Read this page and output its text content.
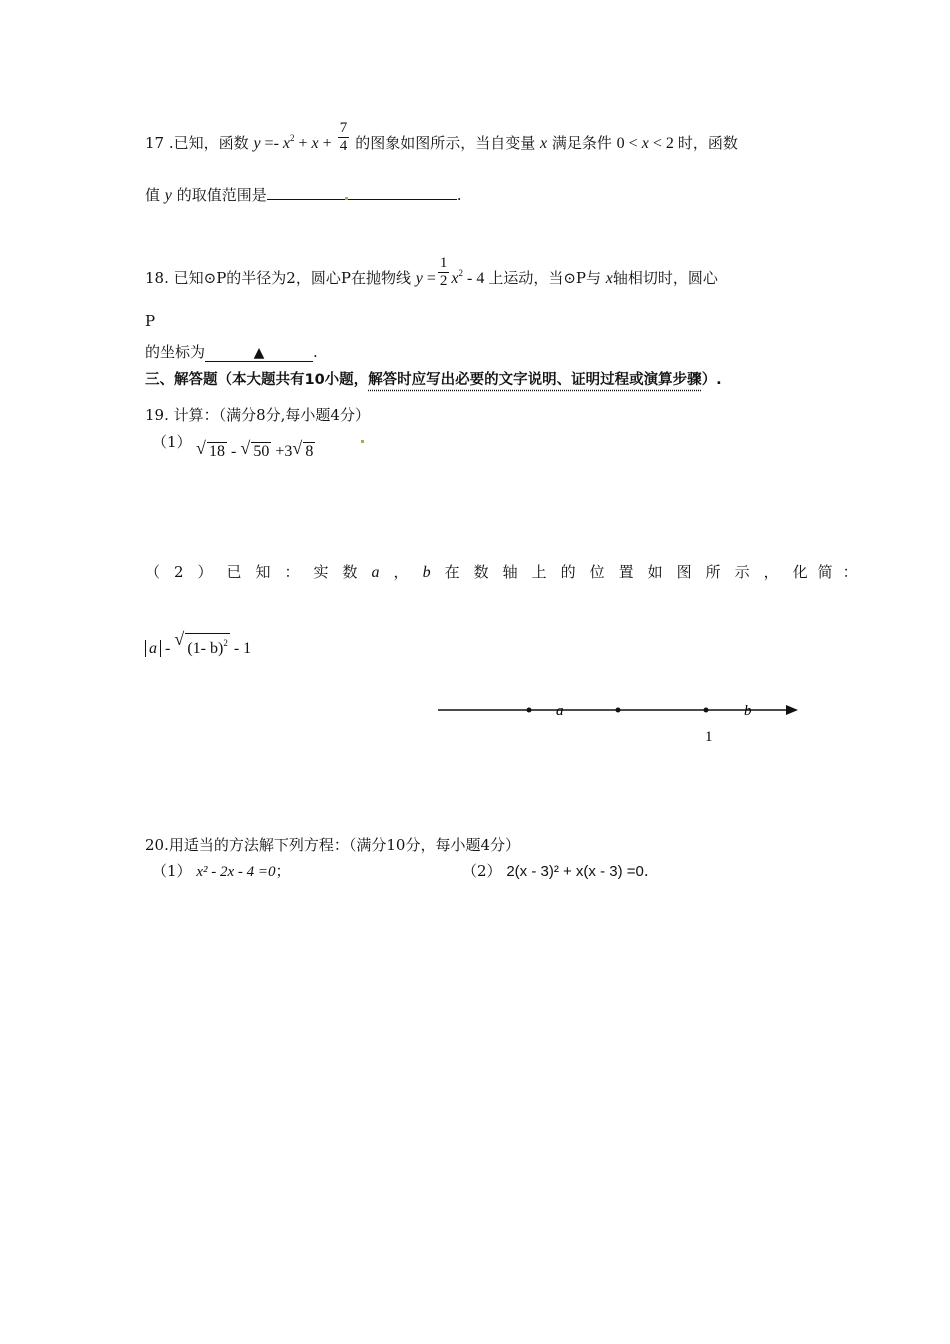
17 .已知，函数 $y =- x^2 + x + \frac{7}{4}$ 的图象如图所示，当自变量 x 满足条件 0 < x < 2 时，函数
值 y 的取值范围是	.
18. 已知⊙P的半径为2，圆心P在抛物线 $y = \frac{1}{2} x^2 - 4$ 上运动，当⊙P与 x轴相切时，圆心
P
的坐标为	▲	.
三、解答题（本大题共有10小题，解答时应写出必要的文字说明、证明过程或演算步骤）.
19. 计算：（满分8分,每小题4分）
（1） √ 18 - √ 50 +3 √ 8
（2）已知：实数a，b在数轴上的位置如图所示， 化简：
a - √ (1- b)$^2$ - 1
a	b
1
20.用适当的方法解下列方程：（满分10分，每小题4分）
（1） x² - 2x - 4 =0；	（2） 2(x - 3)² + x(x - 3) =0.
